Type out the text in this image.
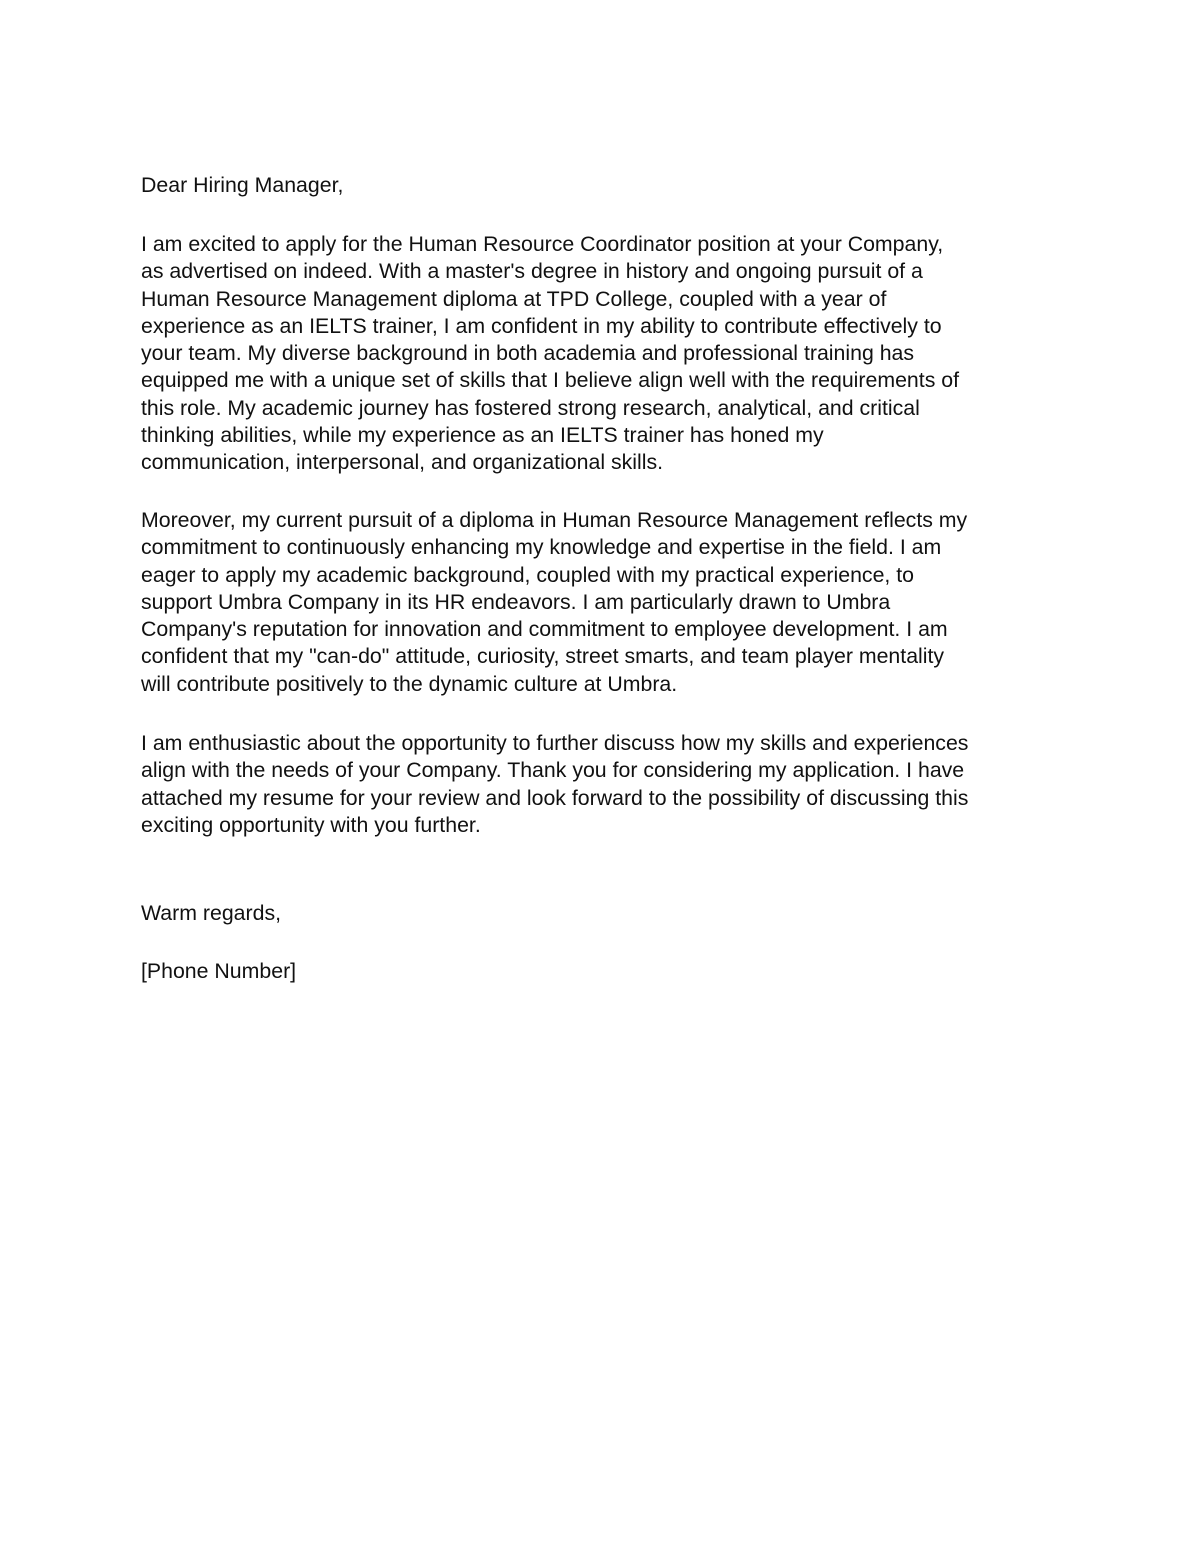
Dear Hiring Manager,

I am excited to apply for the Human Resource Coordinator position at your Company,
as advertised on indeed. With a master's degree in history and ongoing pursuit of a
Human Resource Management diploma at TPD College, coupled with a year of
experience as an IELTS trainer, I am confident in my ability to contribute effectively to
your team. My diverse background in both academia and professional training has
equipped me with a unique set of skills that I believe align well with the requirements of
this role. My academic journey has fostered strong research, analytical, and critical
thinking abilities, while my experience as an IELTS trainer has honed my
communication, interpersonal, and organizational skills.

Moreover, my current pursuit of a diploma in Human Resource Management reflects my
commitment to continuously enhancing my knowledge and expertise in the field. I am
eager to apply my academic background, coupled with my practical experience, to
support Umbra Company in its HR endeavors. I am particularly drawn to Umbra
Company's reputation for innovation and commitment to employee development. I am
confident that my "can-do" attitude, curiosity, street smarts, and team player mentality
will contribute positively to the dynamic culture at Umbra.

I am enthusiastic about the opportunity to further discuss how my skills and experiences
align with the needs of your Company. Thank you for considering my application. I have
attached my resume for your review and look forward to the possibility of discussing this
exciting opportunity with you further.

Warm regards,

[Phone Number]
